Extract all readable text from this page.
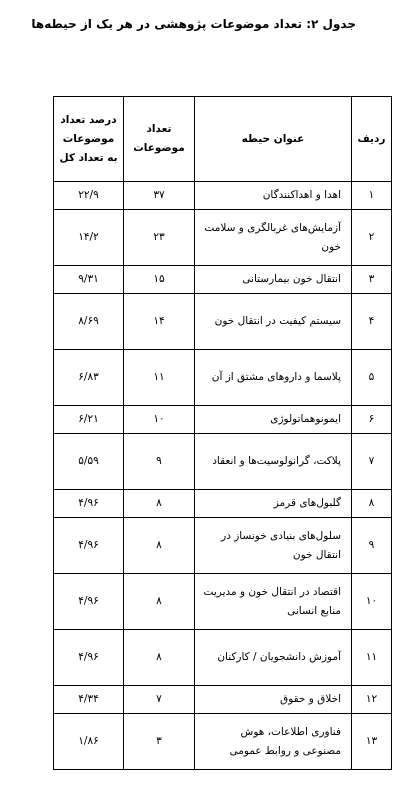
جدول ۲: تعداد موضوعات پژوهشی در هر یک از حیطه‌ها
ردیف	عنوان حیطه	تعداد موضوعات	درصد تعداد موضوعات به تعداد کل
۱	اهدا و اهداکنندگان	۳۷	۲۲/۹
۲	آزمایش‌های غربالگری و سلامت خون	۲۳	۱۴/۲
۳	انتقال خون بیمارستانی	۱۵	۹/۳۱
۴	سیستم کیفیت در انتقال خون	۱۴	۸/۶۹
۵	پلاسما و داروهای مشتق از آن	۱۱	۶/۸۳
۶	ایمونوهماتولوژی	۱۰	۶/۲۱
۷	پلاکت، گرانولوسیت‌ها و انعقاد	۹	۵/۵۹
۸	گلبول‌های قرمز	۸	۴/۹۶
۹	سلول‌های بنیادی خونساز در انتقال خون	۸	۴/۹۶
۱۰	اقتصاد در انتقال خون و مدیریت منابع انسانی	۸	۴/۹۶
۱۱	آموزش دانشجویان / کارکنان	۸	۴/۹۶
۱۲	اخلاق و حقوق	۷	۴/۳۴
۱۳	فناوری اطلاعات، هوش مصنوعی و روابط عمومی	۳	۱/۸۶
